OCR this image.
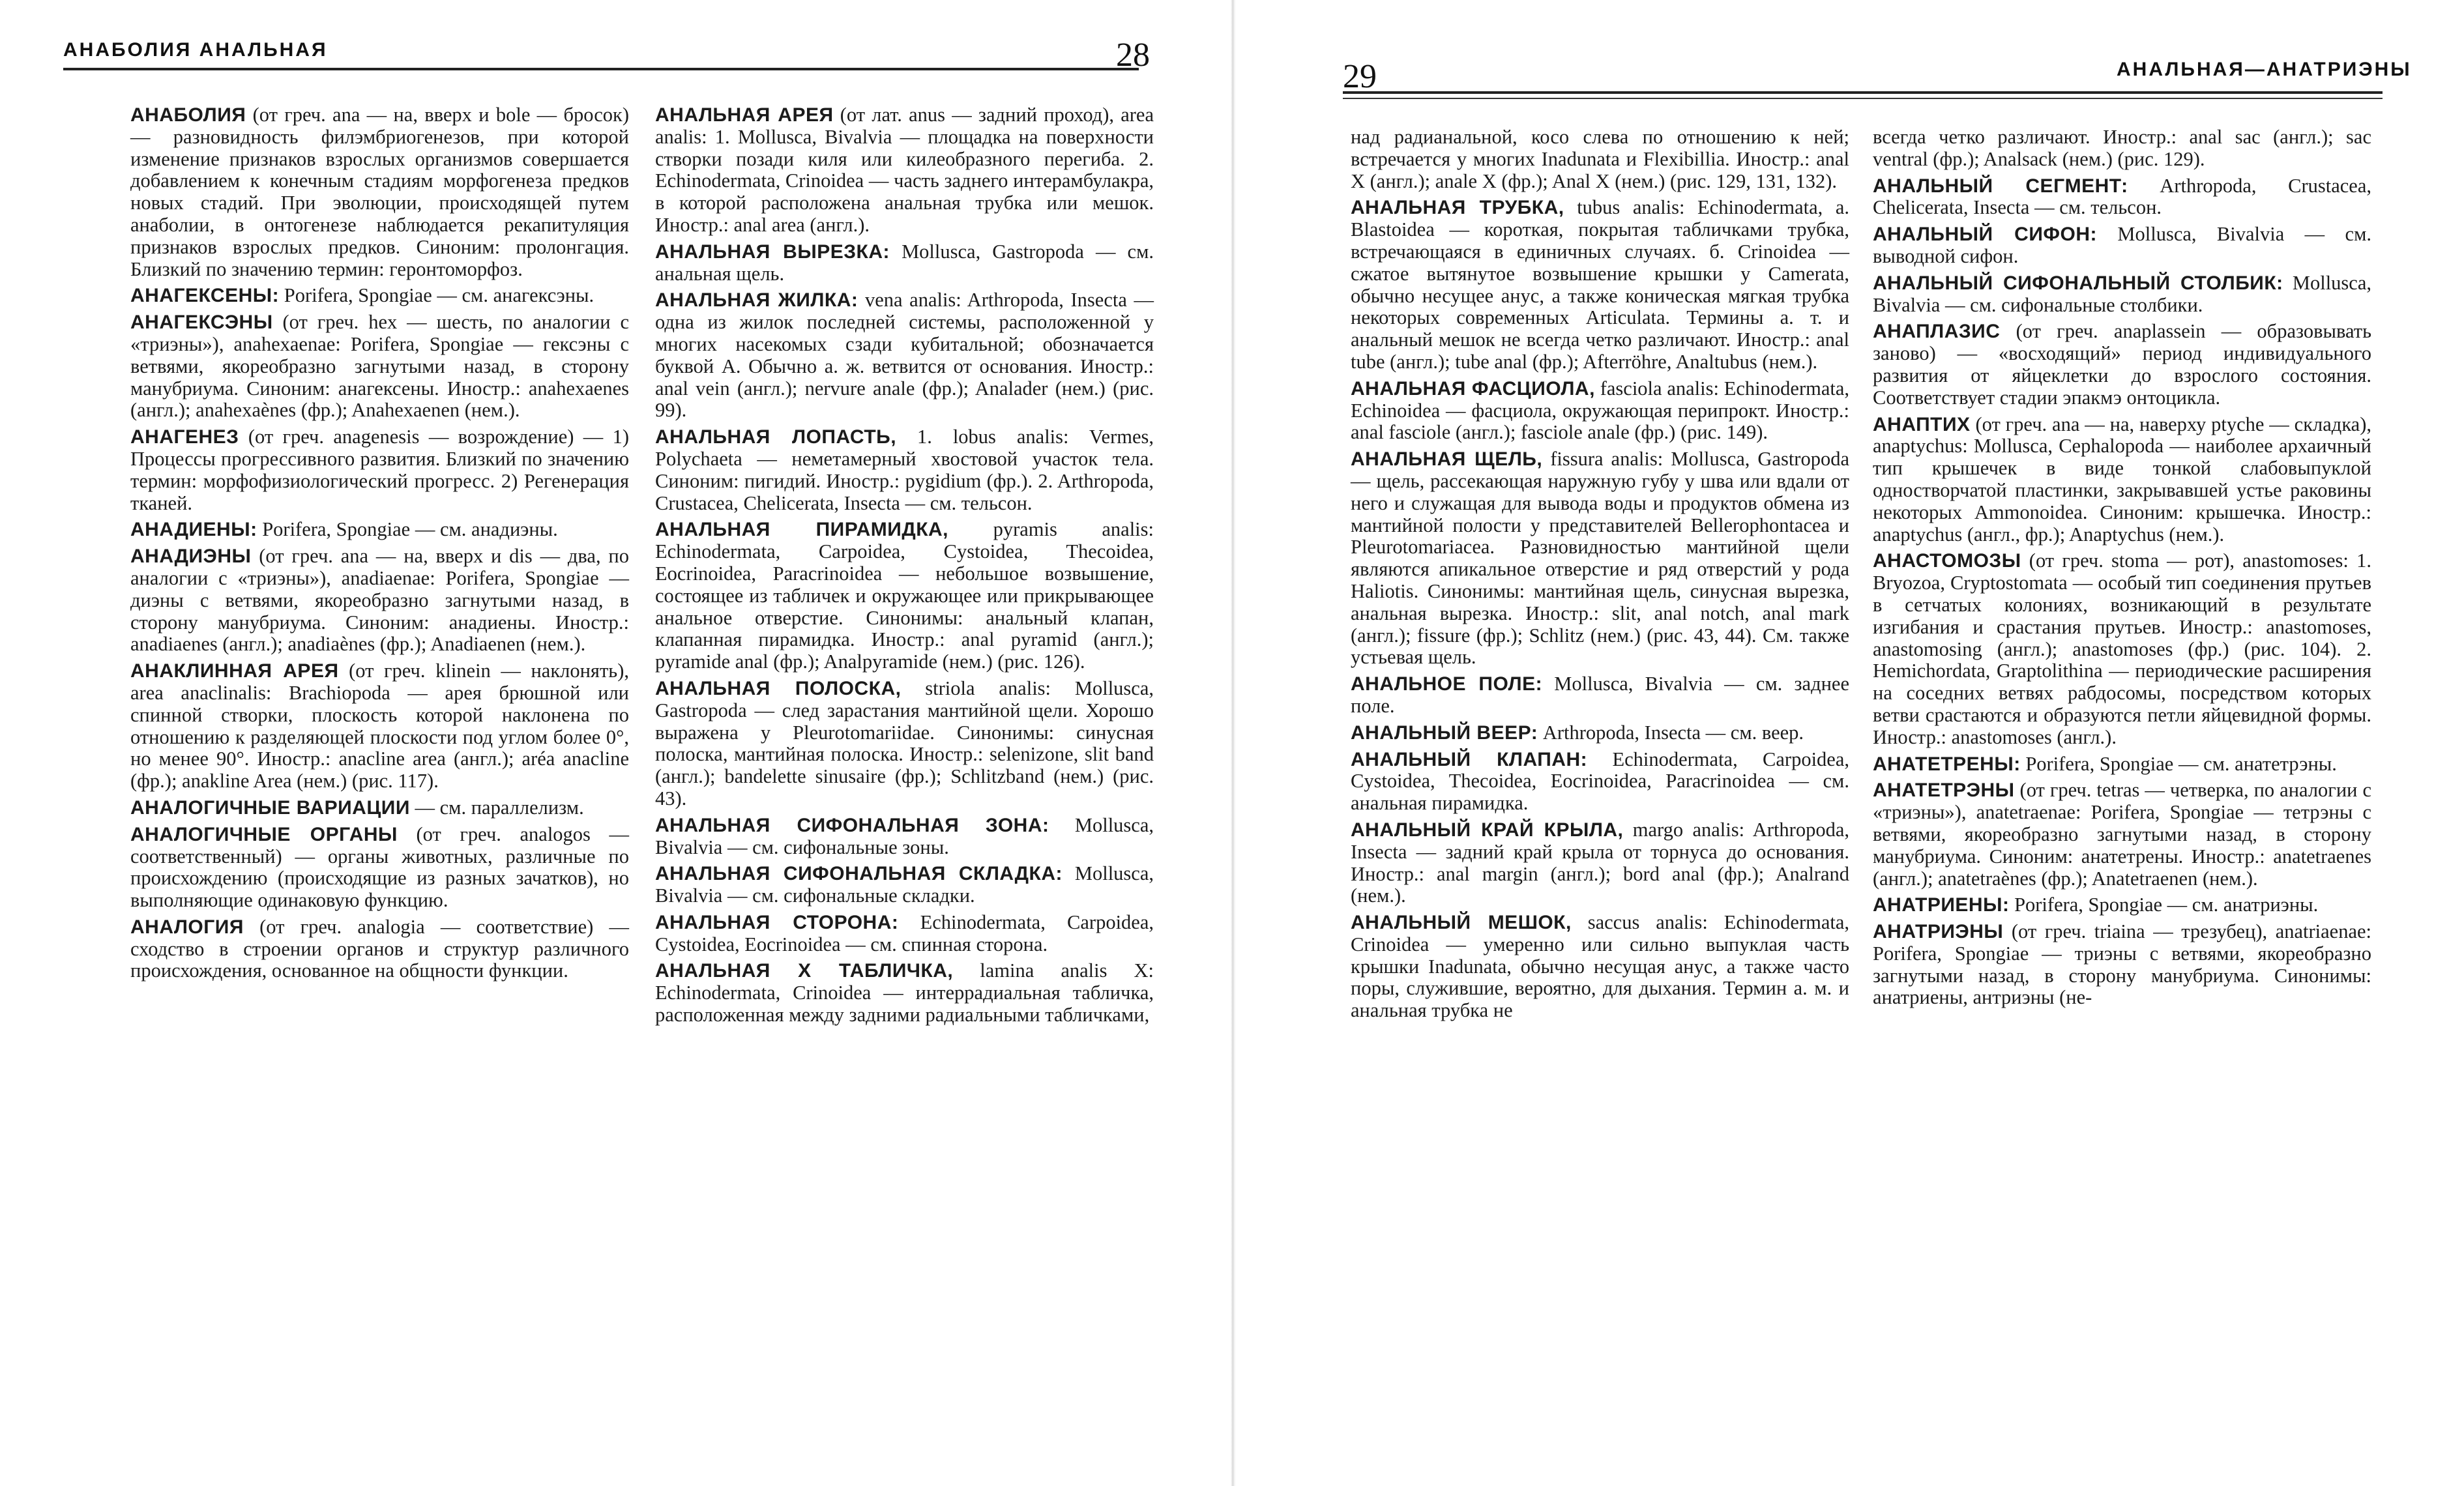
АНАБОЛИЯ АНАЛЬНАЯ	28

АНАБОЛИЯ (от греч. ana — на, вверх и bole — бросок) — разновидность филэмбриогенезов, при которой изменение признаков взрослых организмов совершается добавлением к конечным стадиям морфогенеза предков новых стадий. При эволюции, происходящей путем анаболии, в онтогенезе наблюдается рекапитуляция признаков взрослых предков. Синоним: пролонгация. Близкий по значению термин: геронтоморфоз.

АНАГЕКСЕНЫ: Porifera, Spongiae — см. анагексэны.

АНАГЕКСЭНЫ (от греч. hex — шесть, по аналогии с «триэны»), anahexaenae: Porifera, Spongiae — гексэны с ветвями, якореобразно загнутыми назад, в сторону манубриума. Синоним: анагексены. Иностр.: anahexaenes (англ.); anahexaènes (фр.); Anahexaenen (нем.).

АНАГЕНЕЗ (от греч. anagenesis — возрождение) — 1) Процессы прогрессивного развития. Близкий по значению термин: морфофизиологический прогресс. 2) Регенерация тканей.

АНАДИЕНЫ: Porifera, Spongiae — см. анадиэны.

АНАДИЭНЫ (от греч. ana — на, вверх и dis — два, по аналогии с «триэны»), anadiaenae: Porifera, Spongiae — диэны с ветвями, якореобразно загнутыми назад, в сторону манубриума. Синоним: анадиены. Иностр.: anadiaenes (англ.); anadiaènes (фр.); Anadiaenen (нем.).

АНАКЛИННАЯ АРЕЯ (от греч. klinein — наклонять), area anaclinalis: Brachiopoda — арея брюшной или спинной створки, плоскость которой наклонена по отношению к разделяющей плоскости под углом более 0°, но менее 90°. Иностр.: anacline area (англ.); aréa anacline (фр.); anakline Area (нем.) (рис. 117).

АНАЛОГИЧНЫЕ ВАРИАЦИИ — см. параллелизм.

АНАЛОГИЧНЫЕ ОРГАНЫ (от греч. analogos — соответственный) — органы животных, различные по происхождению (происходящие из разных зачатков), но выполняющие одинаковую функцию.

АНАЛОГИЯ (от греч. analogia — соответствие) — сходство в строении органов и структур различного происхождения, основанное на общности функции.

АНАЛЬНАЯ АРЕЯ (от лат. anus — задний проход), area analis: 1. Mollusca, Bivalvia — площадка на поверхности створки позади киля или килеобразного перегиба. 2. Echinodermata, Crinoidea — часть заднего интерамбулакра, в которой расположена анальная трубка или мешок. Иностр.: anal area (англ.).

АНАЛЬНАЯ ВЫРЕЗКА: Mollusca, Gastropoda — см. анальная щель.

АНАЛЬНАЯ ЖИЛКА: vena analis: Arthropoda, Insecta — одна из жилок последней системы, расположенной у многих насекомых сзади кубитальной; обозначается буквой А. Обычно а. ж. ветвится от основания. Иностр.: anal vein (англ.); nervure anale (фр.); Analader (нем.) (рис. 99).

АНАЛЬНАЯ ЛОПАСТЬ, 1. lobus analis: Vermes, Polychaeta — неметамерный хвостовой участок тела. Синоним: пигидий. Иностр.: pygidium (фр.). 2. Arthropoda, Crustacea, Chelicerata, Insecta — см. тельсон.

АНАЛЬНАЯ ПИРАМИДКА, pyramis analis: Echinodermata, Carpoidea, Cystoidea, Thecoidea, Eocrinoidea, Paracrinoidea — небольшое возвышение, состоящее из табличек и окружающее или прикрывающее анальное отверстие. Синонимы: анальный клапан, клапанная пирамидка. Иностр.: anal pyramid (англ.); pyramide anal (фр.); Analpyramide (нем.) (рис. 126).

АНАЛЬНАЯ ПОЛОСКА, striola analis: Mollusca, Gastropoda — след зарастания мантийной щели. Хорошо выражена у Pleurotomariidae. Синонимы: синусная полоска, мантийная полоска. Иностр.: selenizone, slit band (англ.); bandelette sinusaire (фр.); Schlitzband (нем.) (рис. 43).

АНАЛЬНАЯ СИФОНАЛЬНАЯ ЗОНА: Mollusca, Bivalvia — см. сифональные зоны.

АНАЛЬНАЯ СИФОНАЛЬНАЯ СКЛАДКА: Mollusca, Bivalvia — см. сифональные складки.

АНАЛЬНАЯ СТОРОНА: Echinodermata, Carpoidea, Cystoidea, Eocrinoidea — см. спинная сторона.

АНАЛЬНАЯ Х ТАБЛИЧКА, lamina analis X: Echinodermata, Crinoidea — интеррадиальная табличка, расположенная между задними радиальными табличками,

29	АНАЛЬНАЯ—АНАТРИЭНЫ

над радианальной, косо слева по отношению к ней; встречается у многих Inadunata и Flexibillia. Иностр.: anal X (англ.); anale X (фр.); Anal X (нем.) (рис. 129, 131, 132).

АНАЛЬНАЯ ТРУБКА, tubus analis: Echinodermata, a. Blastoidea — короткая, покрытая табличками трубка, встречающаяся в единичных случаях. б. Crinoidea — сжатое вытянутое возвышение крышки у Camerata, обычно несущее анус, а также коническая мягкая трубка некоторых современных Articulata. Термины а. т. и анальный мешок не всегда четко различают. Иностр.: anal tube (англ.); tube anal (фр.); Afterröhre, Analtubus (нем.).

АНАЛЬНАЯ ФАСЦИОЛА, fasciola analis: Echinodermata, Echinoidea — фасциола, окружающая перипрокт. Иностр.: anal fasciole (англ.); fasciole anale (фр.) (рис. 149).

АНАЛЬНАЯ ЩЕЛЬ, fissura analis: Mollusca, Gastropoda — щель, рассекающая наружную губу у шва или вдали от него и служащая для вывода воды и продуктов обмена из мантийной полости у представителей Bellerophontacea и Pleurotomariacea. Разновидностью мантийной щели являются апикальное отверстие и ряд отверстий у рода Haliotis. Синонимы: мантийная щель, синусная вырезка, анальная вырезка. Иностр.: slit, anal notch, anal mark (англ.); fissure (фр.); Schlitz (нем.) (рис. 43, 44). См. также устьевая щель.

АНАЛЬНОЕ ПОЛЕ: Mollusca, Bivalvia — см. заднее поле.

АНАЛЬНЫЙ ВЕЕР: Arthropoda, Insecta — см. веер.

АНАЛЬНЫЙ КЛАПАН: Echinodermata, Carpoidea, Cystoidea, Thecoidea, Eocrinoidea, Paracrinoidea — см. анальная пирамидка.

АНАЛЬНЫЙ КРАЙ КРЫЛА, margo analis: Arthropoda, Insecta — задний край крыла от торнуса до основания. Иностр.: anal margin (англ.); bord anal (фр.); Analrand (нем.).

АНАЛЬНЫЙ МЕШОК, saccus analis: Echinodermata, Crinoidea — умеренно или сильно выпуклая часть крышки Inadunata, обычно несущая анус, а также часто поры, служившие, вероятно, для дыхания. Термин а. м. и анальная трубка не

всегда четко различают. Иностр.: anal sac (англ.); sac ventral (фр.); Analsack (нем.) (рис. 129).

АНАЛЬНЫЙ СЕГМЕНТ: Arthropoda, Crustacea, Chelicerata, Insecta — см. тельсон.

АНАЛЬНЫЙ СИФОН: Mollusca, Bivalvia — см. выводной сифон.

АНАЛЬНЫЙ СИФОНАЛЬНЫЙ СТОЛБИК: Mollusca, Bivalvia — см. сифональные столбики.

АНАПЛАЗИС (от греч. anaplassein — образовывать заново) — «восходящий» период индивидуального развития от яйцеклетки до взрослого состояния. Соответствует стадии эпакмэ онтоцикла.

АНАПТИХ (от греч. ana — на, наверху ptyche — складка), anaptychus: Mollusca, Cephalopoda — наиболее архаичный тип крышечек в виде тонкой слабовыпуклой одностворчатой пластинки, закрывавшей устье раковины некоторых Ammonoidea. Синоним: крышечка. Иностр.: anaptychus (англ., фр.); Anaptychus (нем.).

АНАСТОМОЗЫ (от греч. stoma — рот), anastomoses: 1. Bryozoa, Cryptostomata — особый тип соединения прутьев в сетчатых колониях, возникающий в результате изгибания и срастания прутьев. Иностр.: anastomoses, anastomosing (англ.); anastomoses (фр.) (рис. 104). 2. Hemichordata, Graptolithina — периодические расширения на соседних ветвях рабдосомы, посредством которых ветви срастаются и образуются петли яйцевидной формы. Иностр.: anastomoses (англ.).

АНАТЕТРЕНЫ: Porifera, Spongiae — см. анатетрэны.

АНАТЕТРЭНЫ (от греч. tetras — четверка, по аналогии с «триэны»), anatetraenae: Porifera, Spongiae — тетрэны с ветвями, якореобразно загнутыми назад, в сторону манубриума. Синоним: анатетрены. Иностр.: anatetraenes (англ.); anatetraènes (фр.); Anatetraenen (нем.).

АНАТРИЕНЫ: Porifera, Spongiae — см. анатриэны.

АНАТРИЭНЫ (от греч. triaina — трезубец), anatriaenae: Porifera, Spongiae — триэны с ветвями, якореобразно загнутыми назад, в сторону манубриума. Синонимы: анатриены, антриэны (не-
